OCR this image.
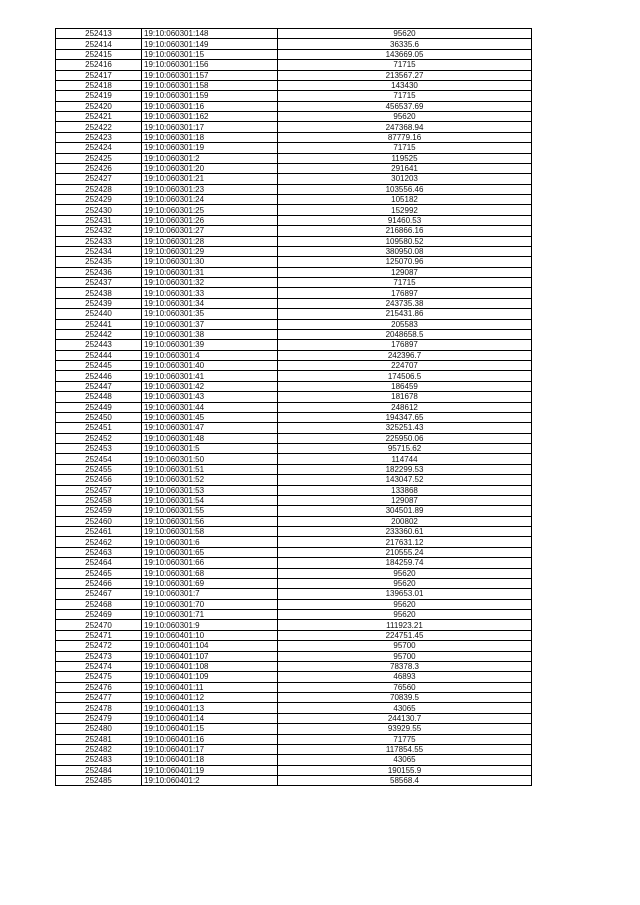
252413	19:10:060301:148	95620
252414	19:10:060301:149	36335.6
252415	19:10:060301:15	143669.05
252416	19:10:060301:156	71715
252417	19:10:060301:157	213567.27
252418	19:10:060301:158	143430
252419	19:10:060301:159	71715
252420	19:10:060301:16	456537.69
252421	19:10:060301:162	95620
252422	19:10:060301:17	247368.94
252423	19:10:060301:18	87779.16
252424	19:10:060301:19	71715
252425	19:10:060301:2	119525
252426	19:10:060301:20	291641
252427	19:10:060301:21	301203
252428	19:10:060301:23	103556.46
252429	19:10:060301:24	105182
252430	19:10:060301:25	152992
252431	19:10:060301:26	91460.53
252432	19:10:060301:27	216866.16
252433	19:10:060301:28	109580.52
252434	19:10:060301:29	380950.08
252435	19:10:060301:30	125070.96
252436	19:10:060301:31	129087
252437	19:10:060301:32	71715
252438	19:10:060301:33	176897
252439	19:10:060301:34	243735.38
252440	19:10:060301:35	215431.86
252441	19:10:060301:37	205583
252442	19:10:060301:38	2048658.5
252443	19:10:060301:39	176897
252444	19:10:060301:4	242396.7
252445	19:10:060301:40	224707
252446	19:10:060301:41	174506.5
252447	19:10:060301:42	186459
252448	19:10:060301:43	181678
252449	19:10:060301:44	248612
252450	19:10:060301:45	194347.65
252451	19:10:060301:47	325251.43
252452	19:10:060301:48	225950.06
252453	19:10:060301:5	95715.62
252454	19:10:060301:50	114744
252455	19:10:060301:51	182299.53
252456	19:10:060301:52	143047.52
252457	19:10:060301:53	133868
252458	19:10:060301:54	129087
252459	19:10:060301:55	304501.89
252460	19:10:060301:56	200802
252461	19:10:060301:58	233360.61
252462	19:10:060301:6	217631.12
252463	19:10:060301:65	210555.24
252464	19:10:060301:66	184259.74
252465	19:10:060301:68	95620
252466	19:10:060301:69	95620
252467	19:10:060301:7	139653.01
252468	19:10:060301:70	95620
252469	19:10:060301:71	95620
252470	19:10:060301:9	111923.21
252471	19:10:060401:10	224751.45
252472	19:10:060401:104	95700
252473	19:10:060401:107	95700
252474	19:10:060401:108	78378.3
252475	19:10:060401:109	46893
252476	19:10:060401:11	76560
252477	19:10:060401:12	70839.5
252478	19:10:060401:13	43065
252479	19:10:060401:14	244130.7
252480	19:10:060401:15	93929.55
252481	19:10:060401:16	71775
252482	19:10:060401:17	117854.55
252483	19:10:060401:18	43065
252484	19:10:060401:19	190155.9
252485	19:10:060401:2	58568.4
